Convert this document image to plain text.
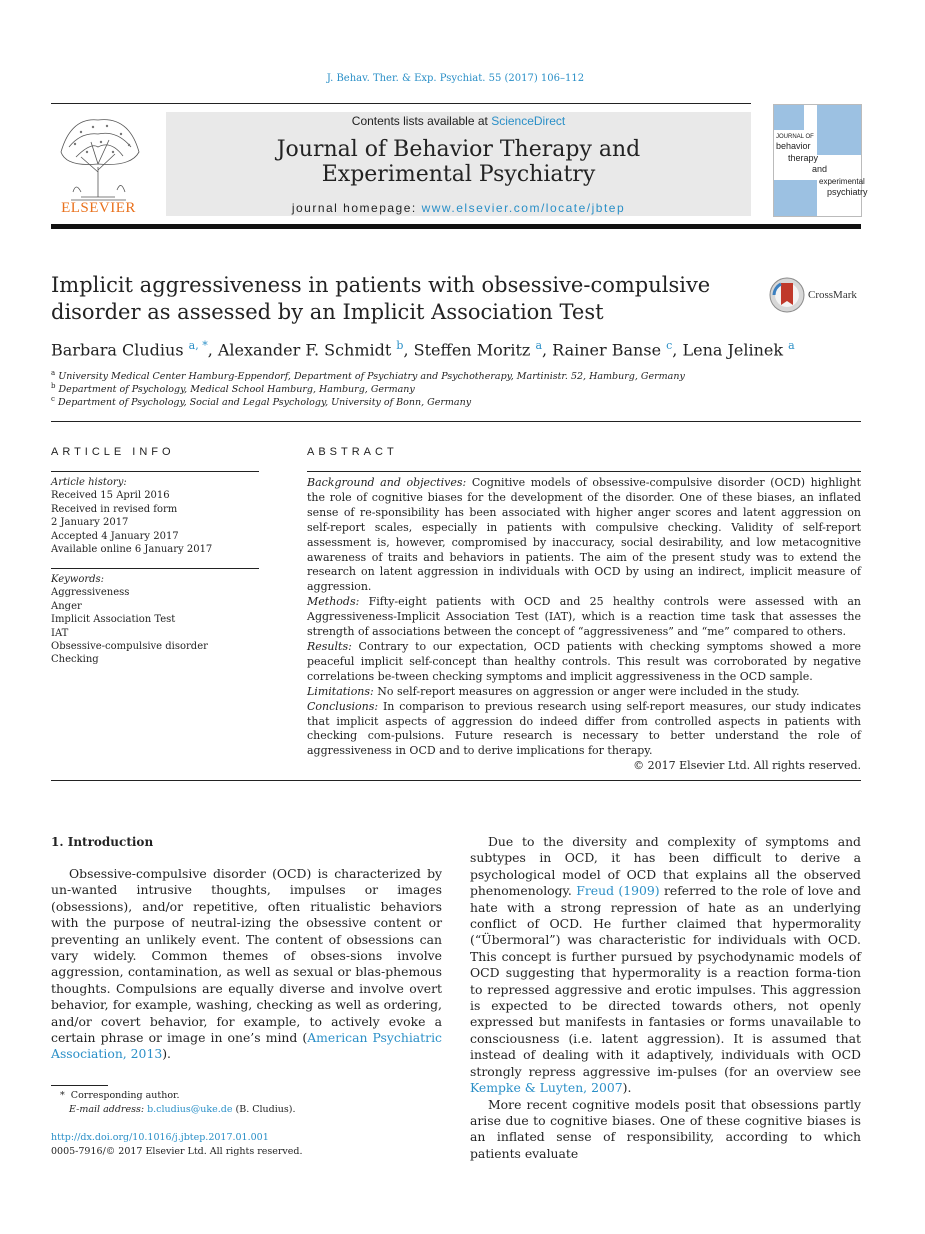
J. Behav. Ther. & Exp. Psychiat. 55 (2017) 106–112
ELSEVIER
Contents lists available at ScienceDirect
Journal of Behavior Therapy and
Experimental Psychiatry
journal homepage: www.elsevier.com/locate/jbtep
JOURNAL OF
behavior
therapy
and
experimental
psychiatry
Implicit aggressiveness in patients with obsessive-compulsive
disorder as assessed by an Implicit Association Test
CrossMark
Barbara Cludius $^{a, *}$, Alexander F. Schmidt $^b$, Steffen Moritz $^a$, Rainer Banse $^c$, Lena Jelinek $^a$
$^a$ University Medical Center Hamburg-Eppendorf, Department of Psychiatry and Psychotherapy, Martinistr. 52, Hamburg, Germany
$^b$ Department of Psychology, Medical School Hamburg, Hamburg, Germany
$^c$ Department of Psychology, Social and Legal Psychology, University of Bonn, Germany
ARTICLE INFO
Article history:
Received 15 April 2016
Received in revised form
2 January 2017
Accepted 4 January 2017
Available online 6 January 2017
Keywords:
Aggressiveness
Anger
Implicit Association Test
IAT
Obsessive-compulsive disorder
Checking
ABSTRACT

Background and objectives: Cognitive models of obsessive-compulsive disorder (OCD) highlight the role of cognitive biases for the development of the disorder. One of these biases, an inflated sense of re-sponsibility has been associated with higher anger scores and latent aggression on self-report scales, especially in patients with compulsive checking. Validity of self-report assessment is, however, compromised by inaccuracy, social desirability, and low metacognitive awareness of traits and behaviors in patients. The aim of the present study was to extend the research on latent aggression in individuals with OCD by using an indirect, implicit measure of aggression.

Methods: Fifty-eight patients with OCD and 25 healthy controls were assessed with an Aggressiveness-Implicit Association Test (IAT), which is a reaction time task that assesses the strength of associations between the concept of “aggressiveness” and “me” compared to others.

Results: Contrary to our expectation, OCD patients with checking symptoms showed a more peaceful implicit self-concept than healthy controls. This result was corroborated by negative correlations be-tween checking symptoms and implicit aggressiveness in the OCD sample.

Limitations: No self-report measures on aggression or anger were included in the study.

Conclusions: In comparison to previous research using self-report measures, our study indicates that implicit aspects of aggression do indeed differ from controlled aspects in patients with checking com-pulsions. Future research is necessary to better understand the role of aggressiveness in OCD and to derive implications for therapy.

© 2017 Elsevier Ltd. All rights reserved.

1. Introduction

Obsessive-compulsive disorder (OCD) is characterized by un-wanted intrusive thoughts, impulses or images (obsessions), and/or repetitive, often ritualistic behaviors with the purpose of neutral-izing the obsessive content or preventing an unlikely event. The content of obsessions can vary widely. Common themes of obses-sions involve aggression, contamination, as well as sexual or blas-phemous thoughts. Compulsions are equally diverse and involve overt behavior, for example, washing, checking as well as ordering, and/or covert behavior, for example, to actively evoke a certain phrase or image in one’s mind (American Psychiatric Association, 2013).

Due to the diversity and complexity of symptoms and subtypes in OCD, it has been difficult to derive a psychological model of OCD that explains all the observed phenomenology. Freud (1909) referred to the role of love and hate with a strong repression of hate as an underlying conflict of OCD. He further claimed that hypermorality (“Übermoral”) was characteristic for individuals with OCD. This concept is further pursued by psychodynamic models of OCD suggesting that hypermorality is a reaction forma-tion to repressed aggressive and erotic impulses. This aggression is expected to be directed towards others, not openly expressed but manifests in fantasies or forms unavailable to consciousness (i.e. latent aggression). It is assumed that instead of dealing with it adaptively, individuals with OCD strongly repress aggressive im-pulses (for an overview see Kempke & Luyten, 2007).

More recent cognitive models posit that obsessions partly arise due to cognitive biases. One of these cognitive biases is an inflated sense of responsibility, according to which patients evaluate

* Corresponding author.
E-mail address: b.cludius@uke.de (B. Cludius).
http://dx.doi.org/10.1016/j.jbtep.2017.01.001
0005-7916/© 2017 Elsevier Ltd. All rights reserved.
